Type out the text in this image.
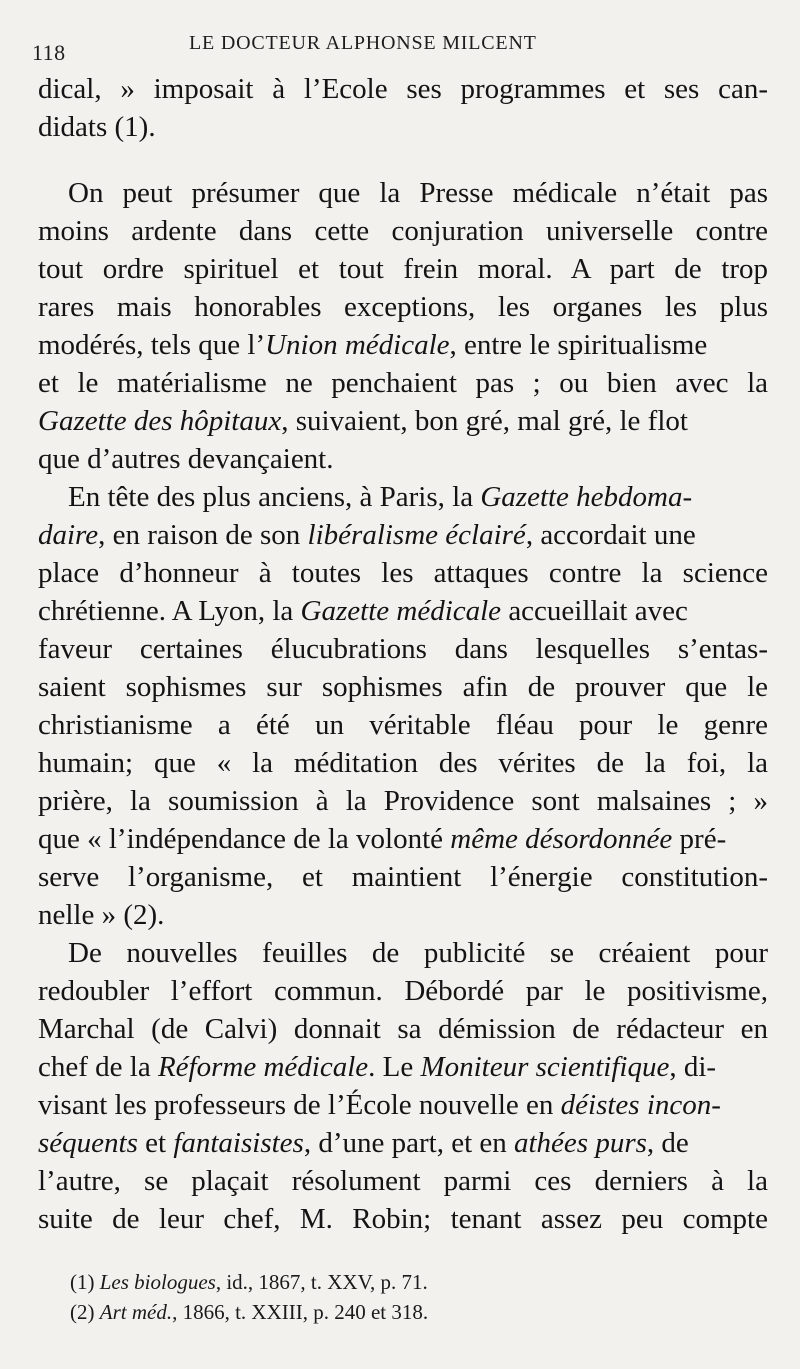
118	LE DOCTEUR ALPHONSE MILCENT
dical, » imposait à l’Ecole ses programmes et ses can-
didats (1).
On peut présumer que la Presse médicale n’était pas
moins ardente dans cette conjuration universelle contre
tout ordre spirituel et tout frein moral. A part de trop
rares mais honorables exceptions, les organes les plus
modérés, tels que l’Union médicale, entre le spiritualisme
et le matérialisme ne penchaient pas ; ou bien avec la
Gazette des hôpitaux, suivaient, bon gré, mal gré, le flot
que d’autres devançaient.
En tête des plus anciens, à Paris, la Gazette hebdoma-
daire, en raison de son libéralisme éclairé, accordait une
place d’honneur à toutes les attaques contre la science
chrétienne. A Lyon, la Gazette médicale accueillait avec
faveur certaines élucubrations dans lesquelles s’entas-
saient sophismes sur sophismes afin de prouver que le
christianisme a été un véritable fléau pour le genre
humain; que « la méditation des vérites de la foi, la
prière, la soumission à la Providence sont malsaines ; »
que « l’indépendance de la volonté même désordonnée pré-
serve l’organisme, et maintient l’énergie constitution-
nelle » (2).
De nouvelles feuilles de publicité se créaient pour
redoubler l’effort commun. Débordé par le positivisme,
Marchal (de Calvi) donnait sa démission de rédacteur en
chef de la Réforme médicale. Le Moniteur scientifique, di-
visant les professeurs de l’École nouvelle en déistes incon-
séquents et fantaisistes, d’une part, et en athées purs, de
l’autre, se plaçait résolument parmi ces derniers à la
suite de leur chef, M. Robin; tenant assez peu compte
(1) Les biologues, id., 1867, t. XXV, p. 71.
(2) Art méd., 1866, t. XXIII, p. 240 et 318.
